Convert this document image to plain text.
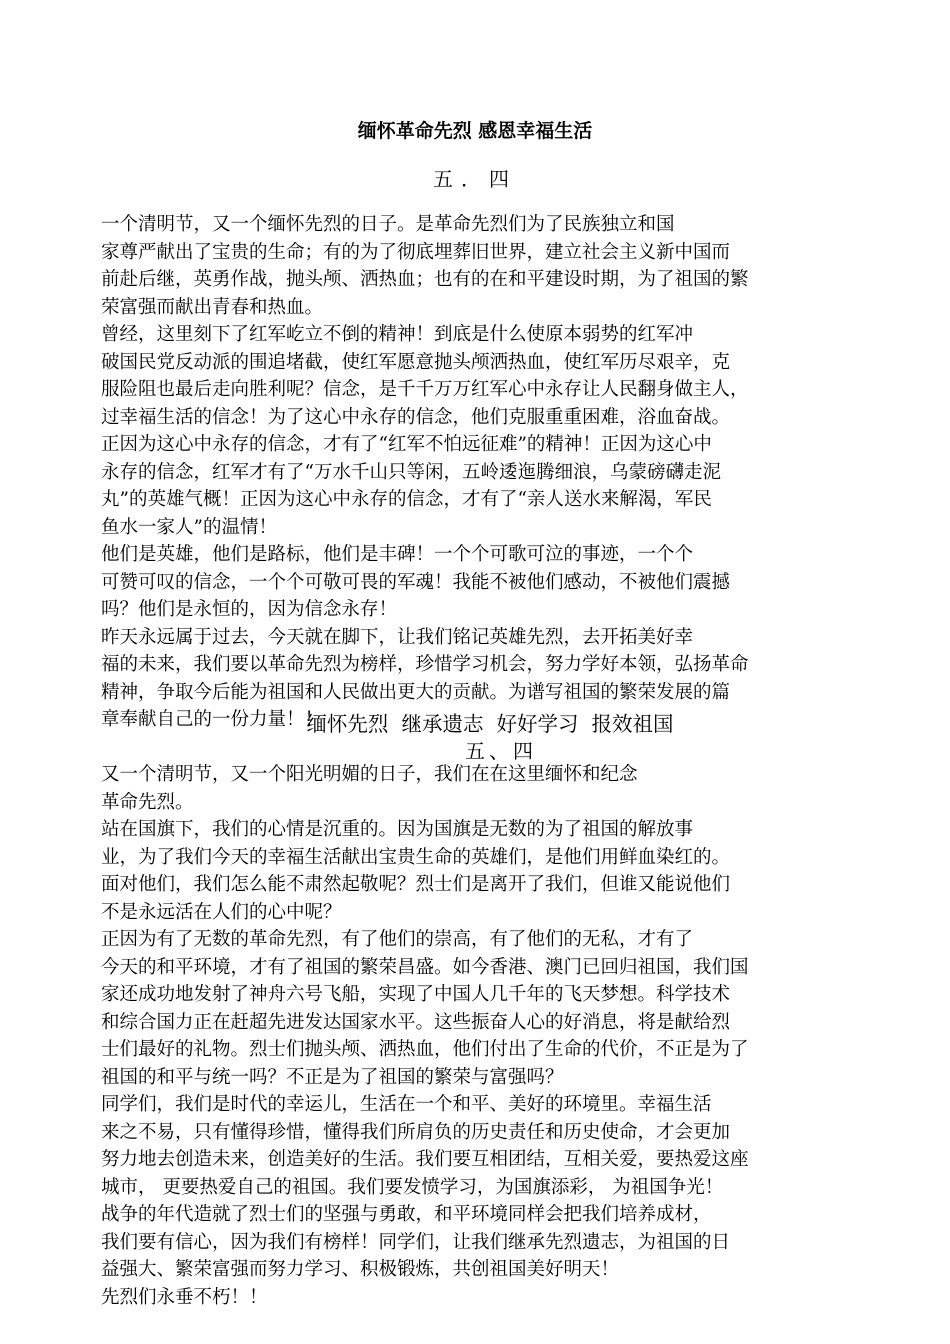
缅怀革命先烈 感恩幸福生活
五．四
一个清明节，又一个缅怀先烈的日子。是革命先烈们为了民族独立和国
家尊严献出了宝贵的生命；有的为了彻底埋葬旧世界，建立社会主义新中国而
前赴后继，英勇作战，抛头颅、洒热血；也有的在和平建设时期，为了祖国的繁
荣富强而献出青春和热血。
曾经，这里刻下了红军屹立不倒的精神！到底是什么使原本弱势的红军冲
破国民党反动派的围追堵截，使红军愿意抛头颅洒热血，使红军历尽艰辛，克
服险阻也最后走向胜利呢？信念，是千千万万红军心中永存让人民翻身做主人，
过幸福生活的信念！为了这心中永存的信念，他们克服重重困难，浴血奋战。
正因为这心中永存的信念，才有了“红军不怕远征难”的精神！正因为这心中
永存的信念，红军才有了“万水千山只等闲，五岭逶迤腾细浪，乌蒙磅礴走泥
丸”的英雄气概！正因为这心中永存的信念，才有了“亲人送水来解渴，军民
鱼水一家人”的温情！
他们是英雄，他们是路标，他们是丰碑！一个个可歌可泣的事迹，一个个
可赞可叹的信念，一个个可敬可畏的军魂！我能不被他们感动，不被他们震撼
吗？他们是永恒的，因为信念永存！
昨天永远属于过去，今天就在脚下，让我们铭记英雄先烈，去开拓美好幸
福的未来，我们要以革命先烈为榜样，珍惜学习机会，努力学好本领，弘扬革命
精神，争取今后能为祖国和人民做出更大的贡献。为谱写祖国的繁荣发展的篇
章奉献自己的一份力量！！
缅怀先烈  继承遗志  好好学习  报效祖国
五、四
又一个清明节，又一个阳光明媚的日子，我们在在这里缅怀和纪念
革命先烈。
站在国旗下，我们的心情是沉重的。因为国旗是无数的为了祖国的解放事
业，为了我们今天的幸福生活献出宝贵生命的英雄们，是他们用鲜血染红的。
面对他们，我们怎么能不肃然起敬呢？烈士们是离开了我们，但谁又能说他们
不是永远活在人们的心中呢？
正因为有了无数的革命先烈，有了他们的崇高，有了他们的无私，才有了
今天的和平环境，才有了祖国的繁荣昌盛。如今香港、澳门已回归祖国，我们国
家还成功地发射了神舟六号飞船，实现了中国人几千年的飞天梦想。科学技术
和综合国力正在赶超先进发达国家水平。这些振奋人心的好消息，将是献给烈
士们最好的礼物。烈士们抛头颅、洒热血，他们付出了生命的代价，不正是为了
祖国的和平与统一吗？不正是为了祖国的繁荣与富强吗？
同学们，我们是时代的幸运儿，生活在一个和平、美好的环境里。幸福生活
来之不易，只有懂得珍惜，懂得我们所肩负的历史责任和历史使命，才会更加
努力地去创造未来，创造美好的生活。我们要互相团结，互相关爱，要热爱这座
城市， 更要热爱自己的祖国。我们要发愤学习，为国旗添彩， 为祖国争光！
战争的年代造就了烈士们的坚强与勇敢，和平环境同样会把我们培养成材，
我们要有信心，因为我们有榜样！同学们，让我们继承先烈遗志，为祖国的日
益强大、繁荣富强而努力学习、积极锻炼，共创祖国美好明天！
先烈们永垂不朽！！
